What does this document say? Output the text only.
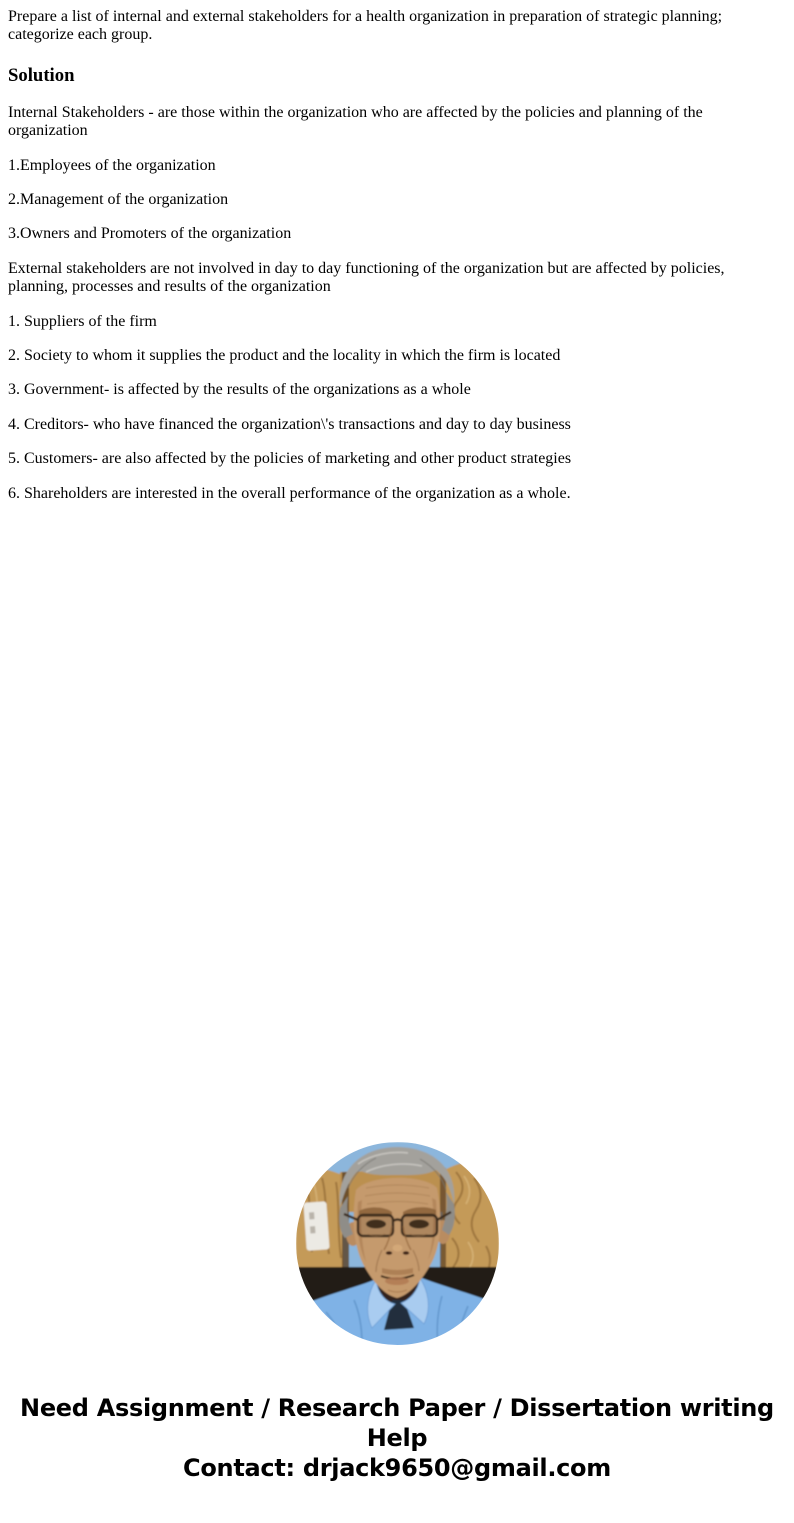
Prepare a list of internal and external stakeholders for a health organization in preparation of strategic planning; categorize each group.

Solution

Internal Stakeholders - are those within the organization who are affected by the policies and planning of the organization

1.Employees of the organization

2.Management of the organization

3.Owners and Promoters of the organization

External stakeholders are not involved in day to day functioning of the organization but are affected by policies, planning, processes and results of the organization

1. Suppliers of the firm

2. Society to whom it supplies the product and the locality in which the firm is located

3. Government- is affected by the results of the organizations as a whole

4. Creditors- who have financed the organization\'s transactions and day to day business

5. Customers- are also affected by the policies of marketing and other product strategies

6. Shareholders are interested in the overall performance of the organization as a whole.

Need Assignment / Research Paper / Dissertation writing Help
Contact: drjack9650@gmail.com
